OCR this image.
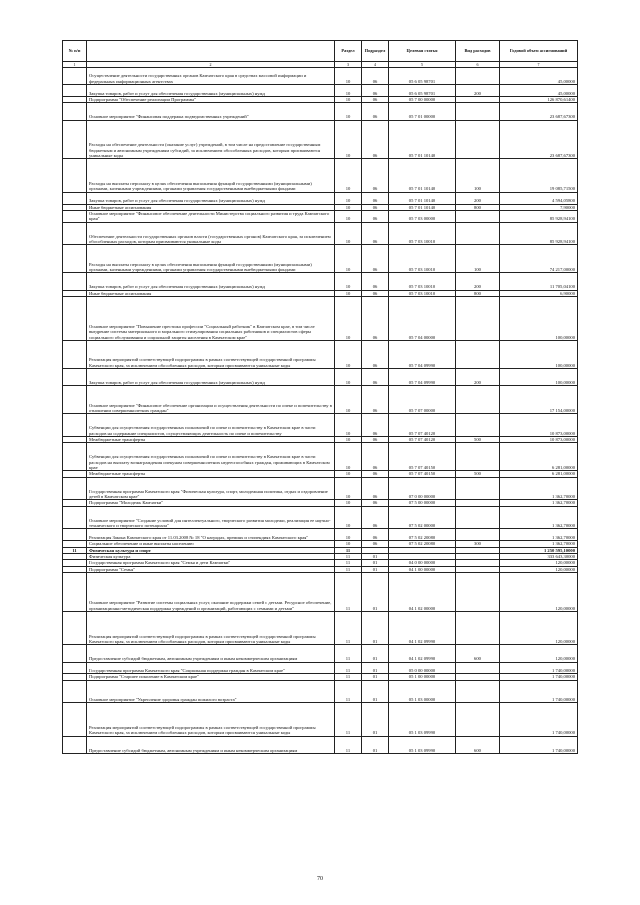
№ п/п		Раздел	Подраздел	Целевая статья	Вид расходов	Годовой объем ассигнований
1	2	3	4	5	6	7
	Осуществление деятельности государственных органов Камчатского края в средствах массовой информации и федеральных информационных агентствах	10	06	05 6 05 98701		45,00000
	Закупка товаров, работ и услуг для обеспечения государственных (муниципальных) нужд	10	06	05 6 05 98701	200	45,00000
	Подпрограмма "Обеспечение реализации Программы"	10	06	05 7 00 00000		126 870,61400
	Основное мероприятие "Финансовая поддержка подведомственных учреждений"	10	06	05 7 01 00000		23 687,67300
	Расходы на обеспечение деятельности (оказание услуг) учреждений, в том числе на предоставление государственным бюджетным и автономным учреждениям субсидий, за исключением обособленных расходов, которым присваиваются уникальные коды	10	06	05 7 01 10140		23 687,67300
	Расходы на выплаты персоналу в целях обеспечения выполнения функций государственными (муниципальными) органами, казенными учреждениями, органами управления государственными внебюджетными фондами	10	06	05 7 01 10140	100	19 085,71500
	Закупка товаров, работ и услуг для обеспечения государственных (муниципальных) нужд	10	06	05 7 01 10140	200	4 594,05800
	Иные бюджетные ассигнования	10	06	05 7 01 10140	800	7,90000
	Основное мероприятие "Финансовое обеспечение деятельности Министерства социального развития и труда Камчатского края"	10	06	05 7 03 00000		85 928,94100
	Обеспечение деятельности государственных органов власти (государственных органов) Камчатского края, за исключением обособленных расходов, которым присваиваются уникальные коды	10	06	05 7 03 10010		85 928,94100
	Расходы на выплаты персоналу в целях обеспечения выполнения функций государственными (муниципальными) органами, казенными учреждениями, органами управления государственными внебюджетными фондами	10	06	05 7 03 10010	100	74 217,00000
	Закупка товаров, работ и услуг для обеспечения государственных (муниципальных) нужд	10	06	05 7 03 10010	200	11 705,04100
	Иные бюджетные ассигнования	10	06	05 7 03 10010	800	6,90000
	Основное мероприятие "Повышение престижа профессии "Социальный работник" в Камчатском крае, в том числе внедрение системы материального и морального стимулирования социальных работников и специалистов сферы социального обслуживания и социальной защиты населения в Камчатском крае"	10	06	05 7 04 00000		100,00000
	Реализация мероприятий соответствующей подпрограммы в рамках соответствующей государственной программы Камчатского края, за исключением обособленных расходов, которым присваиваются уникальные коды	10	06	05 7 04 09990		100,00000
	Закупка товаров, работ и услуг для обеспечения государственных (муниципальных) нужд	10	06	05 7 04 09990	200	100,00000
	Основное мероприятие "Финансовое обеспечение организации и осуществления деятельности по опеке и попечительству в отношении совершеннолетних граждан"	10	06	05 7 07 00000		17 154,00000
	Субвенции для осуществления государственных полномочий по опеке и попечительству в Камчатском крае в части расходов на содержание специалистов, осуществляющих деятельность по опеке и попечительству	10	06	05 7 07 40120		10 873,00000
	Межбюджетные трансферты	10	06	05 7 07 40120	500	10 873,00000
	Субвенции для осуществления государственных полномочий по опеке и попечительству в Камчатском крае в части расходов на выплату вознаграждения опекунам совершеннолетних недееспособных граждан, проживающих в Камчатском крае	10	06	05 7 07 40150		6 281,00000
	Межбюджетные трансферты	10	06	05 7 07 40150	500	6 281,00000
	Государственная программа Камчатского края "Физическая культура, спорт, молодежная политика, отдых и оздоровление детей в Камчатском крае"	10	06	07 0 00 00000		1 362,70000
	Подпрограмма "Молодежь Камчатки"	10	06	07 5 00 00000		1 362,70000
	Основное мероприятие "Создание условий для интеллектуального, творческого развития молодежи, реализация ее научно-технического и творческого потенциала"	10	06	07 5 02 00000		1 362,70000
	Реализация Закона Камчатского края от 11.03.2008 № 18 "О наградах, премиях и стипендиях Камчатского края"	10	06	07 5 02 20080		1 362,70000
	Социальное обеспечение и иные выплаты населению	10	06	07 5 02 20080	300	1 362,70000
11	Физическая культура и спорт	11				1 250 595,10000
	Физическая культура	11	01			333 643,30000
	Государственная программа Камчатского края "Семья и дети Камчатки"	11	01	04 0 00 00000		120,00000
	Подпрограмма "Семья"	11	01	04 1 00 00000		120,00000
	Основное мероприятие "Развитие системы социальных услуг, оказание поддержки семей с детьми. Ресурсное обеспечение, организационно-методическая поддержка учреждений и организаций, работающих с семьями и детьми"	11	01	04 1 02 00000		120,00000
	Реализация мероприятий соответствующей подпрограммы в рамках соответствующей государственной программы Камчатского края, за исключением обособленных расходов, которым присваиваются уникальные коды	11	01	04 1 02 09990		120,00000
	Предоставление субсидий бюджетным, автономным учреждениям и иным некоммерческим организациям	11	01	04 1 02 09990	600	120,00000
	Государственная программа Камчатского края "Социальная поддержка граждан в Камчатском крае"	11	01	05 0 00 00000		1 740,00000
	Подпрограмма "Старшее поколение в Камчатском крае"	11	01	05 1 00 00000		1 740,00000
	Основное мероприятие "Укрепление здоровья граждан пожилого возраста"	11	01	05 1 03 00000		1 740,00000
	Реализация мероприятий соответствующей подпрограммы в рамках соответствующей государственной программы Камчатского края, за исключением обособленных расходов, которым присваиваются уникальные коды	11	01	05 1 03 09990		1 740,00000
	Предоставление субсидий бюджетным, автономным учреждениям и иным некоммерческим организациям	11	01	05 1 03 09990	600	1 740,00000
70
